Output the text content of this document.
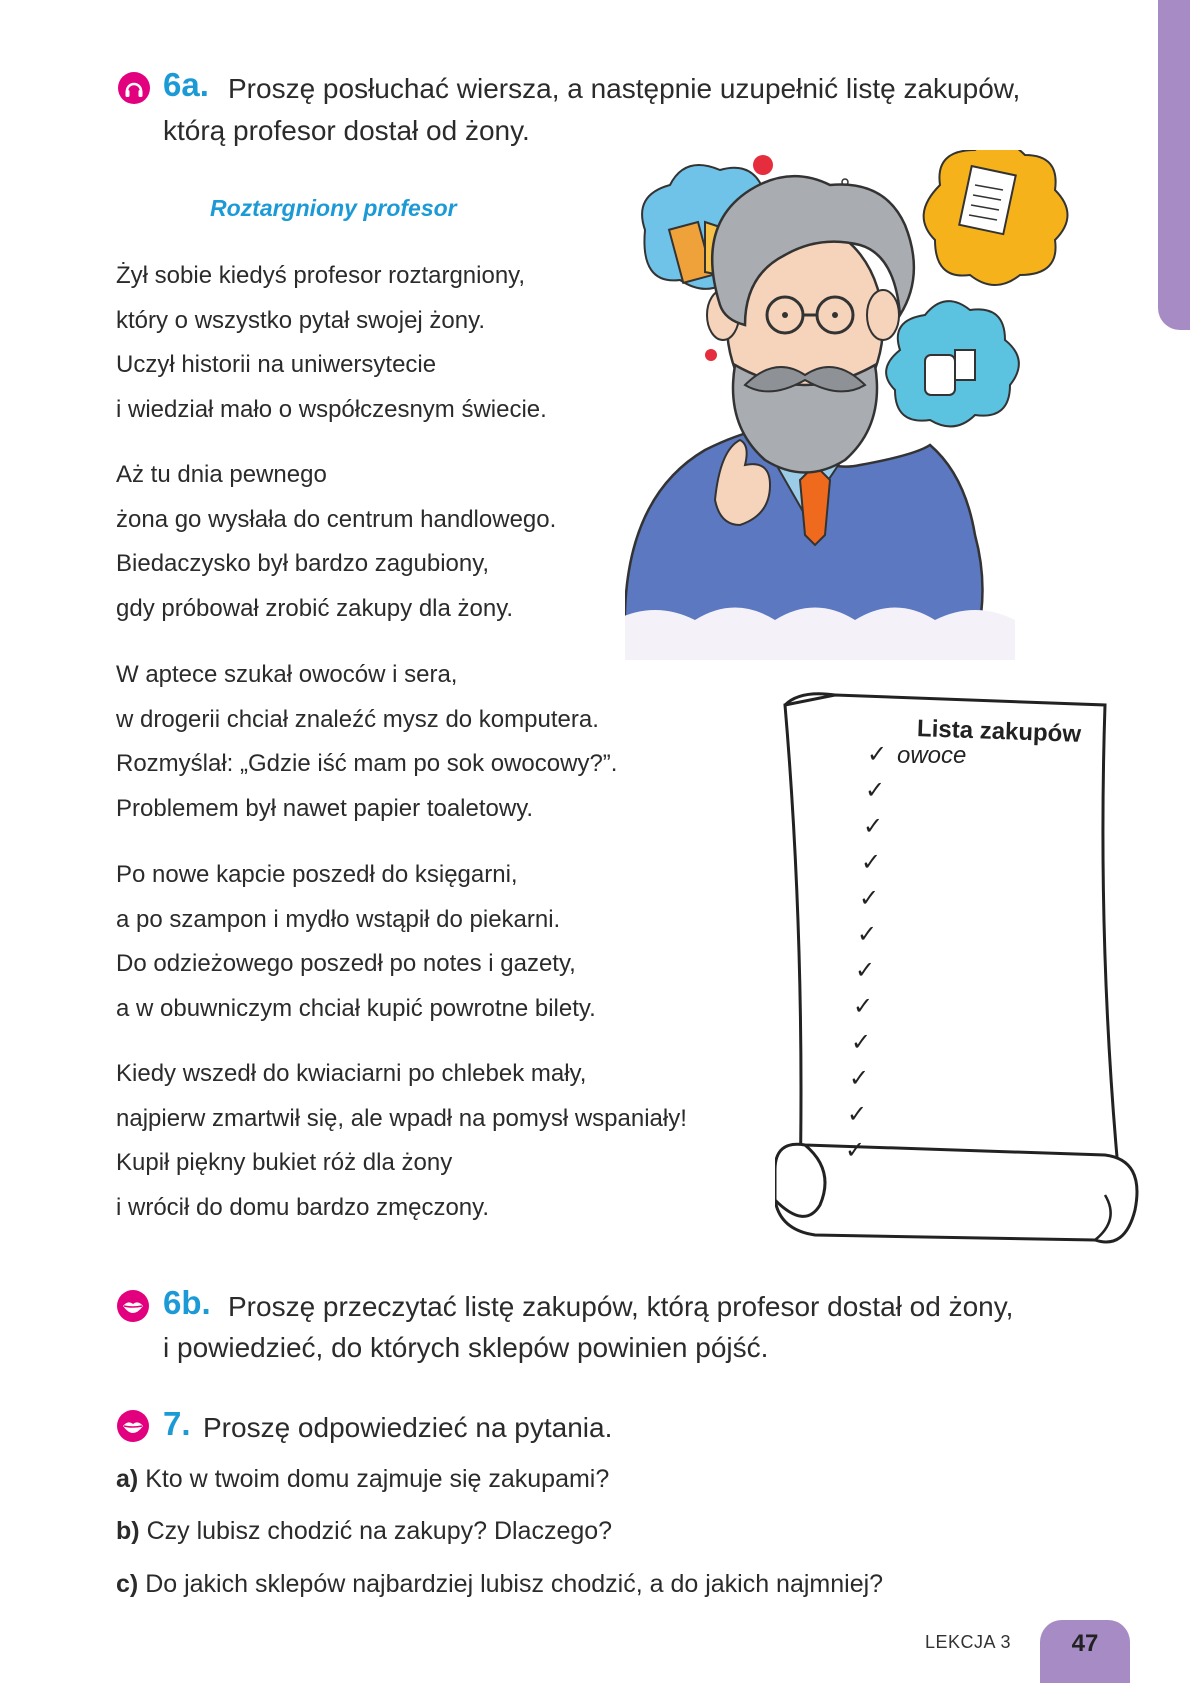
6a. Proszę posłuchać wiersza, a następnie uzupełnić listę zakupów,
którą profesor dostał od żony.
Roztargniony profesor
Żył sobie kiedyś profesor roztargniony,
który o wszystko pytał swojej żony.
Uczył historii na uniwersytecie
i wiedział mało o współczesnym świecie.
Aż tu dnia pewnego
żona go wysłała do centrum handlowego.
Biedaczysko był bardzo zagubiony,
gdy próbował zrobić zakupy dla żony.
W aptece szukał owoców i sera,
w drogerii chciał znaleźć mysz do komputera.
Rozmyślał: „Gdzie iść mam po sok owocowy?”.
Problemem był nawet papier toaletowy.
Po nowe kapcie poszedł do księgarni,
a po szampon i mydło wstąpił do piekarni.
Do odzieżowego poszedł po notes i gazety,
a w obuwniczym chciał kupić powrotne bilety.
Kiedy wszedł do kwiaciarni po chlebek mały,
najpierw zmartwił się, ale wpadł na pomysł wspaniały!
Kupił piękny bukiet róż dla żony
i wrócił do domu bardzo zmęczony.
Lista zakupów
✓ owoce
✓
✓
✓
✓
✓
✓
✓
✓
✓
✓
✓
6b. Proszę przeczytać listę zakupów, którą profesor dostał od żony,
i powiedzieć, do których sklepów powinien pójść.
7. Proszę odpowiedzieć na pytania.
a) Kto w twoim domu zajmuje się zakupami?
b) Czy lubisz chodzić na zakupy? Dlaczego?
c) Do jakich sklepów najbardziej lubisz chodzić, a do jakich najmniej?
LEKCJA 3	47
